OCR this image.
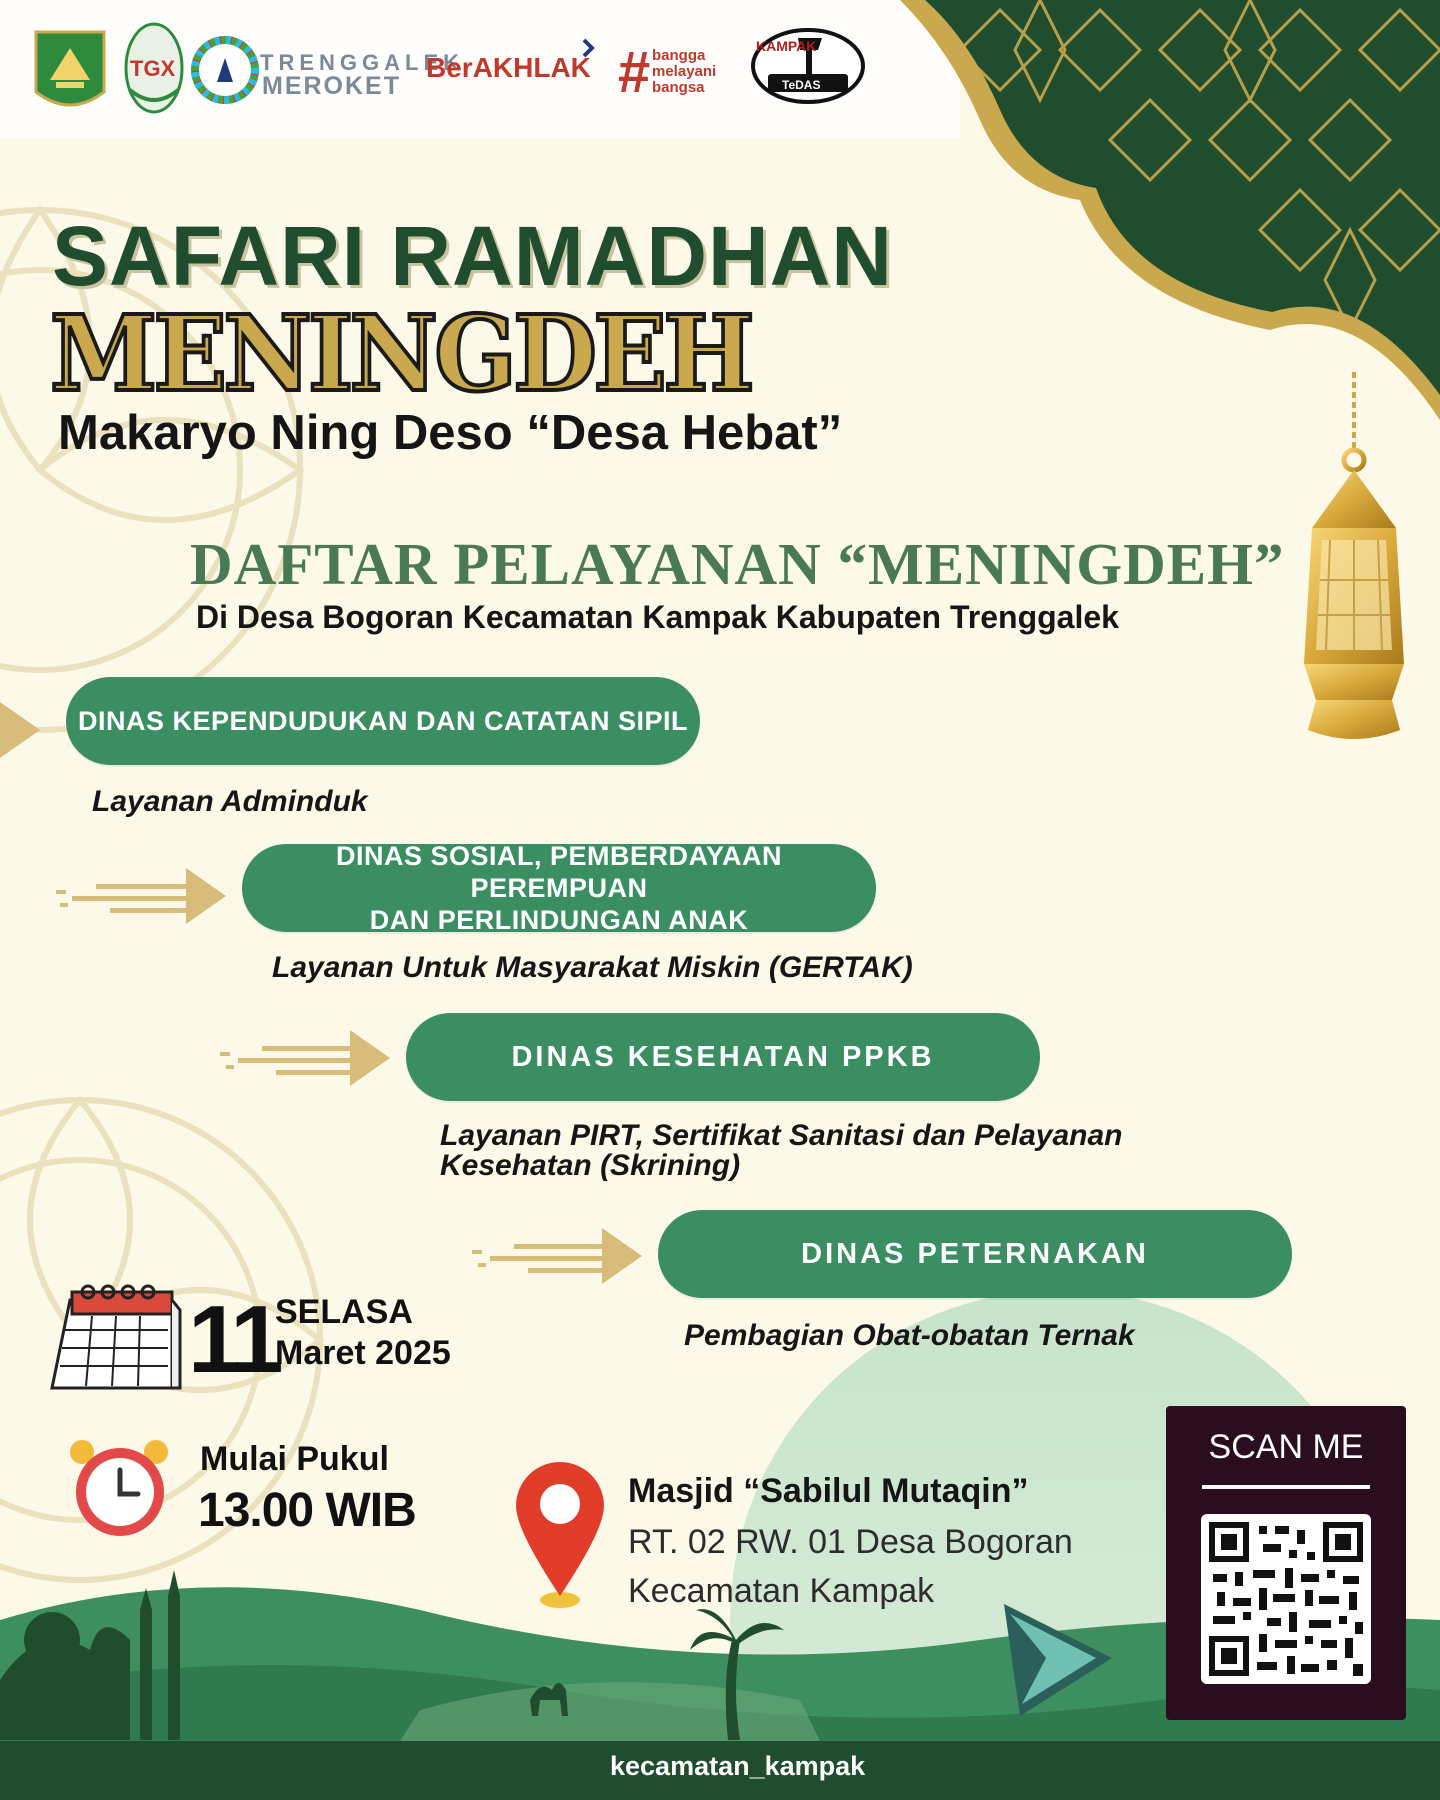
#
TGX	TRENGGALEK
MEROKET
BerAKHLAK	bangga
melayani
bangsa
KAMPAK
TeDAS
SAFARI RAMADHAN
MENINGDEH
Makaryo Ning Deso “Desa Hebat”
DAFTAR PELAYANAN “MENINGDEH”
Di Desa Bogoran Kecamatan Kampak Kabupaten Trenggalek
DINAS KEPENDUDUKAN DAN CATATAN SIPIL
Layanan Adminduk
DINAS SOSIAL, PEMBERDAYAAN PEREMPUAN
DAN PERLINDUNGAN ANAK
Layanan Untuk Masyarakat Miskin (GERTAK)
DINAS KESEHATAN PPKB
Layanan PIRT, Sertifikat Sanitasi dan Pelayanan Kesehatan (Skrining)
DINAS PETERNAKAN
Pembagian Obat-obatan Ternak
11
SELASA
Maret 2025
Mulai Pukul
13.00 WIB	Masjid “Sabilul Mutaqin”
RT. 02 RW. 01 Desa Bogoran
Kecamatan Kampak
SCAN ME
kecamatan_kampak
